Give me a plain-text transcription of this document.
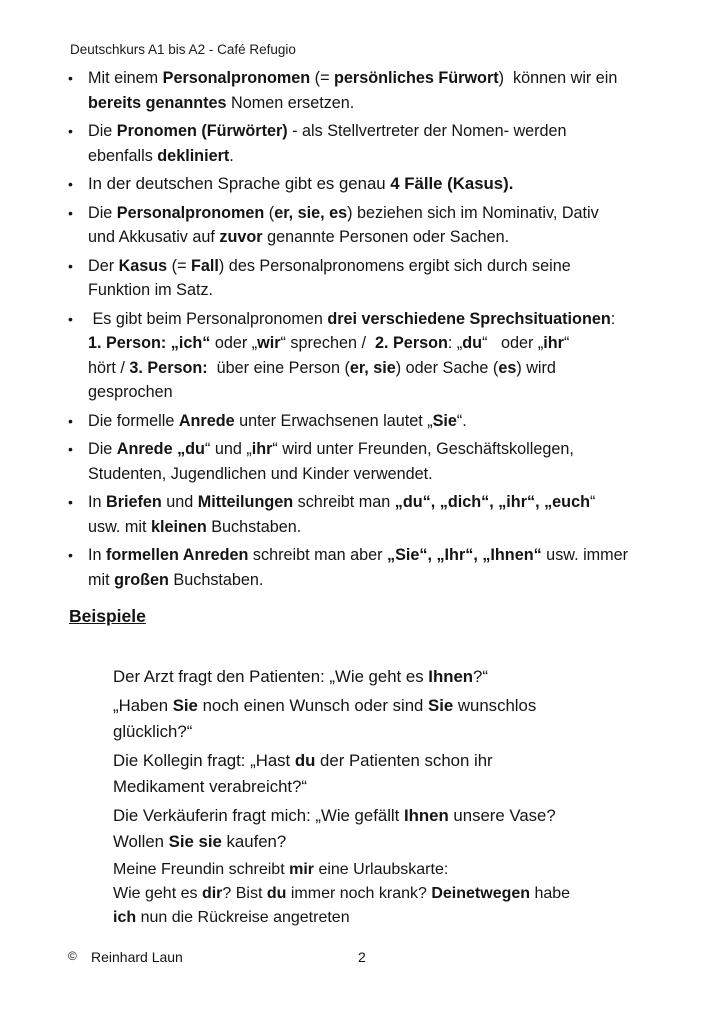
Deutschkurs A1 bis A2 - Café Refugio
• Mit einem Personalpronomen (= persönliches Fürwort)  können wir ein
bereits genanntes Nomen ersetzen.
• Die Pronomen (Fürwörter) - als Stellvertreter der Nomen- werden
ebenfalls dekliniert.
• In der deutschen Sprache gibt es genau 4 Fälle (Kasus).
• Die Personalpronomen (er, sie, es) beziehen sich im Nominativ, Dativ
und Akkusativ auf zuvor genannte Personen oder Sachen.
• Der Kasus (= Fall) des Personalpronomens ergibt sich durch seine
Funktion im Satz.
• Es gibt beim Personalpronomen drei verschiedene Sprechsituationen:
1. Person: „ich“ oder „wir“ sprechen /  2. Person: „du“   oder „ihr“
hört / 3. Person:  über eine Person (er, sie) oder Sache (es) wird
gesprochen
• Die formelle Anrede unter Erwachsenen lautet „Sie“.
• Die Anrede „du“ und „ihr“ wird unter Freunden, Geschäftskollegen,
Studenten, Jugendlichen und Kinder verwendet.
• In Briefen und Mitteilungen schreibt man „du“, „dich“, „ihr“, „euch“
usw. mit kleinen Buchstaben.
• In formellen Anreden schreibt man aber „Sie“, „Ihr“, „Ihnen“ usw. immer
mit großen Buchstaben.
Beispiele
Der Arzt fragt den Patienten: „Wie geht es Ihnen?“
„Haben Sie noch einen Wunsch oder sind Sie wunschlos
glücklich?“
Die Kollegin fragt: „Hast du der Patienten schon ihr
Medikament verabreicht?“
Die Verkäuferin fragt mich: „Wie gefällt Ihnen unsere Vase?
Wollen Sie sie kaufen?
Meine Freundin schreibt mir eine Urlaubskarte:
Wie geht es dir? Bist du immer noch krank? Deinetwegen habe
ich nun die Rückreise angetreten
© Reinhard Laun	2
